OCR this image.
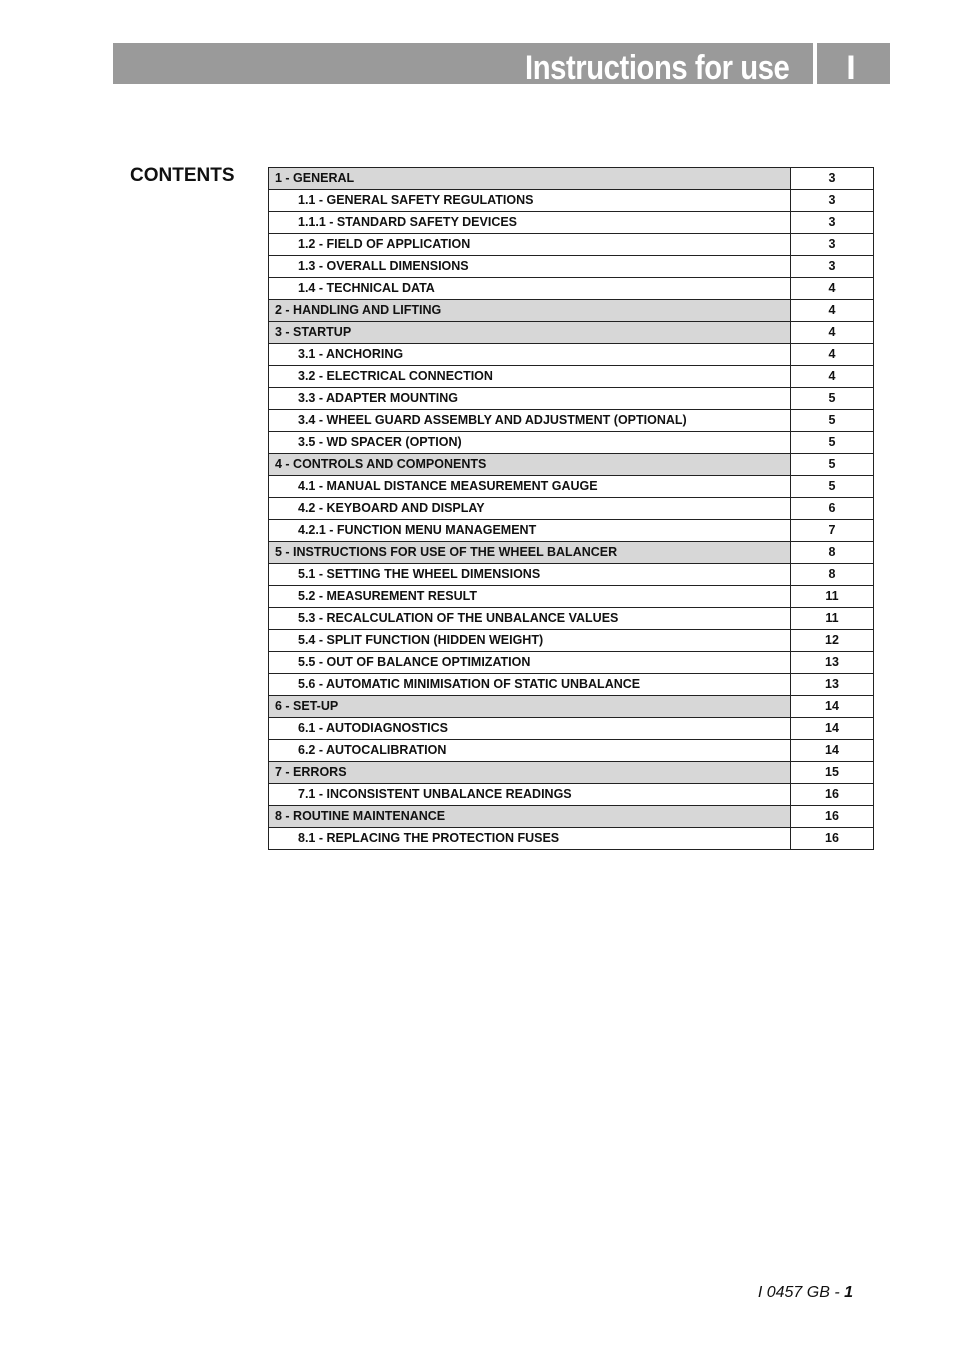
Instructions for use	I
CONTENTS	1 - GENERAL	3
1.1 - GENERAL SAFETY REGULATIONS	3
1.1.1 - STANDARD SAFETY DEVICES	3
1.2 - FIELD OF APPLICATION	3
1.3 - OVERALL DIMENSIONS	3
1.4 - TECHNICAL DATA	4
2 - HANDLING AND LIFTING	4
3 - STARTUP	4
3.1 - ANCHORING	4
3.2 - ELECTRICAL CONNECTION	4
3.3 - ADAPTER MOUNTING	5
3.4 - WHEEL GUARD ASSEMBLY AND ADJUSTMENT (OPTIONAL)	5
3.5 - WD SPACER (OPTION)	5
4 - CONTROLS AND COMPONENTS	5
4.1 - MANUAL DISTANCE MEASUREMENT GAUGE	5
4.2 - KEYBOARD AND DISPLAY	6
4.2.1 - FUNCTION MENU MANAGEMENT	7
5 - INSTRUCTIONS FOR USE OF THE WHEEL BALANCER	8
5.1 - SETTING THE WHEEL DIMENSIONS	8
5.2 - MEASUREMENT RESULT	11
5.3 - RECALCULATION OF THE UNBALANCE VALUES	11
5.4 - SPLIT FUNCTION (HIDDEN WEIGHT)	12
5.5 - OUT OF BALANCE OPTIMIZATION	13
5.6 - AUTOMATIC MINIMISATION OF STATIC UNBALANCE	13
6 - SET-UP	14
6.1 - AUTODIAGNOSTICS	14
6.2 - AUTOCALIBRATION	14
7 - ERRORS	15
7.1 - INCONSISTENT UNBALANCE READINGS	16
8 - ROUTINE MAINTENANCE	16
8.1 - REPLACING THE PROTECTION FUSES	16
I 0457 GB - 1
